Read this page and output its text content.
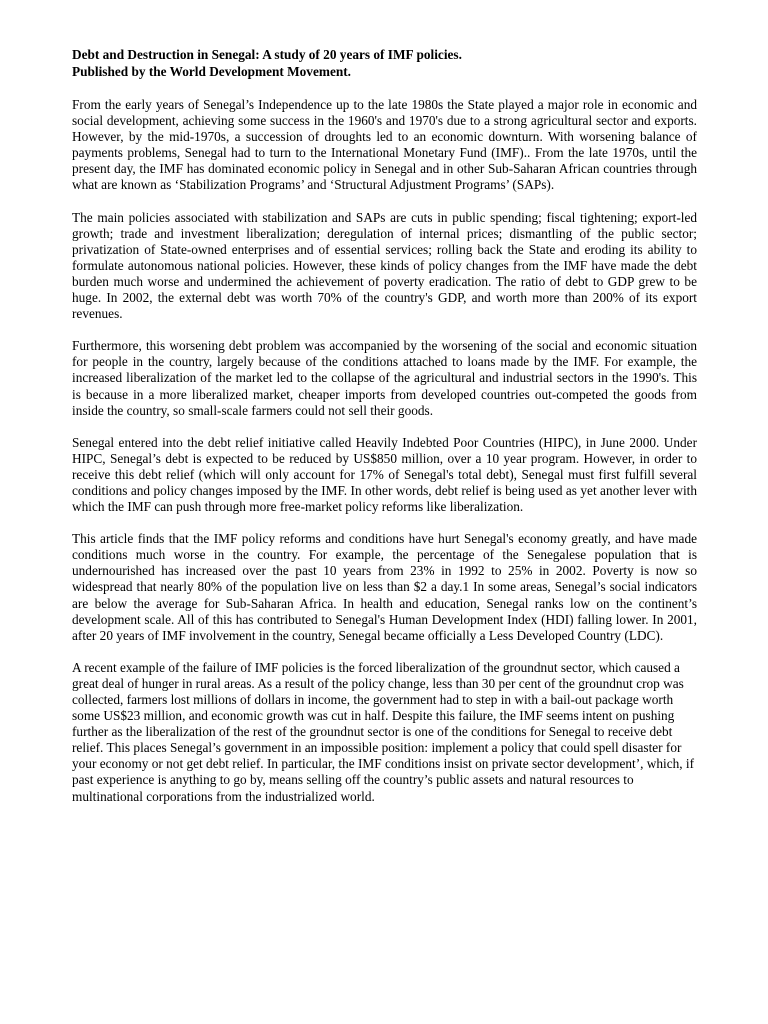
Debt and Destruction in Senegal: A study of 20 years of IMF policies.
Published by the World Development Movement.

From the early years of Senegal’s Independence up to the late 1980s the State played a major role in economic and social development, achieving some success in the 1960's and 1970's due to a strong agricultural sector and exports. However, by the mid-1970s, a succession of droughts led to an economic downturn. With worsening balance of payments problems, Senegal had to turn to the International Monetary Fund (IMF).. From the late 1970s, until the present day, the IMF has dominated economic policy in Senegal and in other Sub-Saharan African countries through what are known as ‘Stabilization Programs’ and ‘Structural Adjustment Programs’ (SAPs).

The main policies associated with stabilization and SAPs are cuts in public spending; fiscal tightening; export-led growth; trade and investment liberalization; deregulation of internal prices; dismantling of the public sector; privatization of State-owned enterprises and of essential services; rolling back the State and eroding its ability to formulate autonomous national policies. However, these kinds of policy changes from the IMF have made the debt burden much worse and undermined the achievement of poverty eradication. The ratio of debt to GDP grew to be huge. In 2002, the external debt was worth 70% of the country's GDP, and worth more than 200% of its export revenues.

Furthermore, this worsening debt problem was accompanied by the worsening of the social and economic situation for people in the country, largely because of the conditions attached to loans made by the IMF. For example, the increased liberalization of the market led to the collapse of the agricultural and industrial sectors in the 1990's. This is because in a more liberalized market, cheaper imports from developed countries out-competed the goods from inside the country, so small-scale farmers could not sell their goods.

Senegal entered into the debt relief initiative called Heavily Indebted Poor Countries (HIPC), in June 2000. Under HIPC, Senegal’s debt is expected to be reduced by US$850 million, over a 10 year program. However, in order to receive this debt relief (which will only account for 17% of Senegal's total debt), Senegal must first fulfill several conditions and policy changes imposed by the IMF. In other words, debt relief is being used as yet another lever with which the IMF can push through more free-market policy reforms like liberalization.

This article finds that the IMF policy reforms and conditions have hurt Senegal's economy greatly, and have made conditions much worse in the country. For example, the percentage of the Senegalese population that is undernourished has increased over the past 10 years from 23% in 1992 to 25% in 2002. Poverty is now so widespread that nearly 80% of the population live on less than $2 a day.1 In some areas, Senegal’s social indicators are below the average for Sub-Saharan Africa. In health and education, Senegal ranks low on the continent’s development scale. All of this has contributed to Senegal's Human Development Index (HDI) falling lower. In 2001, after 20 years of IMF involvement in the country, Senegal became officially a Less Developed Country (LDC).

A recent example of the failure of IMF policies is the forced liberalization of the groundnut sector, which caused a great deal of hunger in rural areas. As a result of the policy change, less than 30 per cent of the groundnut crop was collected, farmers lost millions of dollars in income, the government had to step in with a bail-out package worth some US$23 million, and economic growth was cut in half. Despite this failure, the IMF seems intent on pushing further as the liberalization of the rest of the groundnut sector is one of the conditions for Senegal to receive debt relief. This places Senegal’s government in an impossible position: implement a policy that could spell disaster for your economy or not get debt relief. In particular, the IMF conditions insist on private sector development’, which, if past experience is anything to go by, means selling off the country’s public assets and natural resources to multinational corporations from the industrialized world.
